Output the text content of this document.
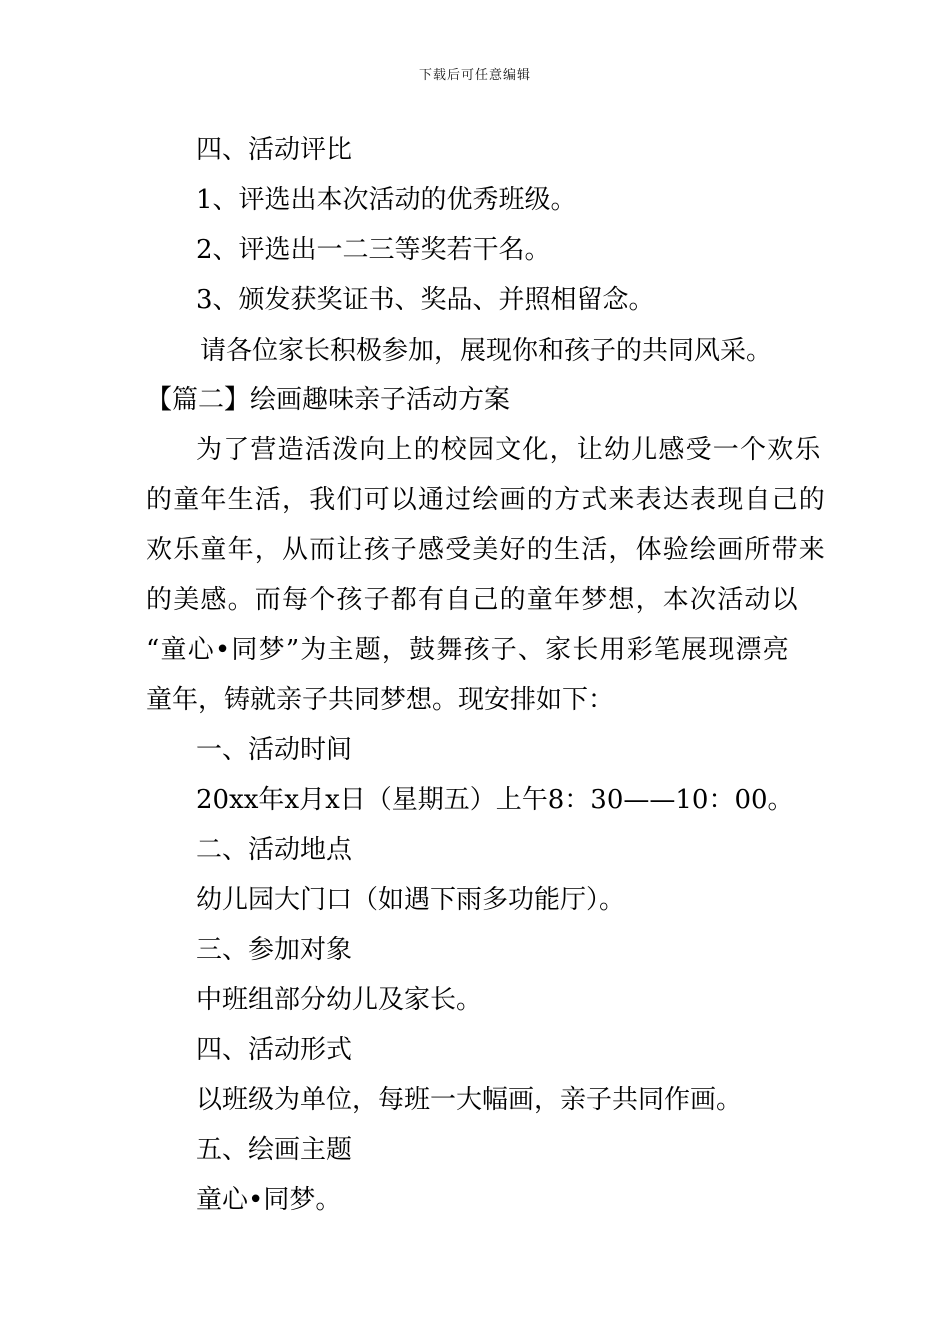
下载后可任意编辑
四、活动评比
1、评选出本次活动的优秀班级。
2、评选出一二三等奖若干名。
3、颁发获奖证书、奖品、并照相留念。
请各位家长积极参加，展现你和孩子的共同风采。
【篇二】绘画趣味亲子活动方案
为了营造活泼向上的校园文化，让幼儿感受一个欢乐
的童年生活，我们可以通过绘画的方式来表达表现自己的
欢乐童年，从而让孩子感受美好的生活，体验绘画所带来
的美感。而每个孩子都有自己的童年梦想，本次活动以
“童心•同梦”为主题，鼓舞孩子、家长用彩笔展现漂亮
童年，铸就亲子共同梦想。现安排如下：
一、活动时间
20xx年x月x日（星期五）上午8：30——10：00。
二、活动地点
幼儿园大门口（如遇下雨多功能厅）。
三、参加对象
中班组部分幼儿及家长。
四、活动形式
以班级为单位，每班一大幅画，亲子共同作画。
五、绘画主题
童心•同梦。
